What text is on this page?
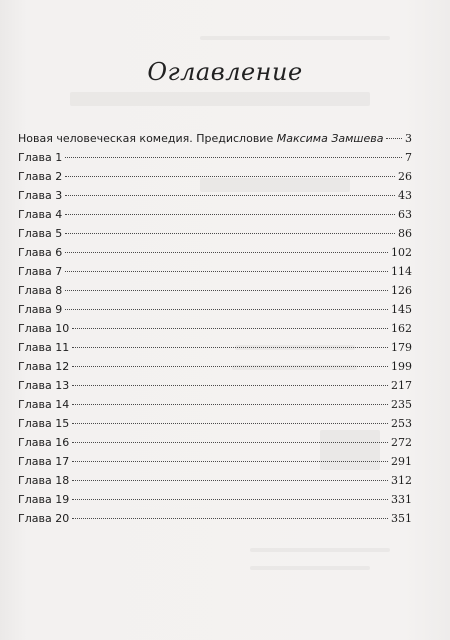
Оглавление
Новая человеческая комедия. Предисловие Максима Замшева 3
Глава 1	7
Глава 2	26
Глава 3	43
Глава 4	63
Глава 5	86
Глава 6	102
Глава 7	114
Глава 8	126
Глава 9	145
Глава 10	162
Глава 11	179
Глава 12	199
Глава 13	217
Глава 14	235
Глава 15	253
Глава 16	272
Глава 17	291
Глава 18	312
Глава 19	331
Глава 20	351
